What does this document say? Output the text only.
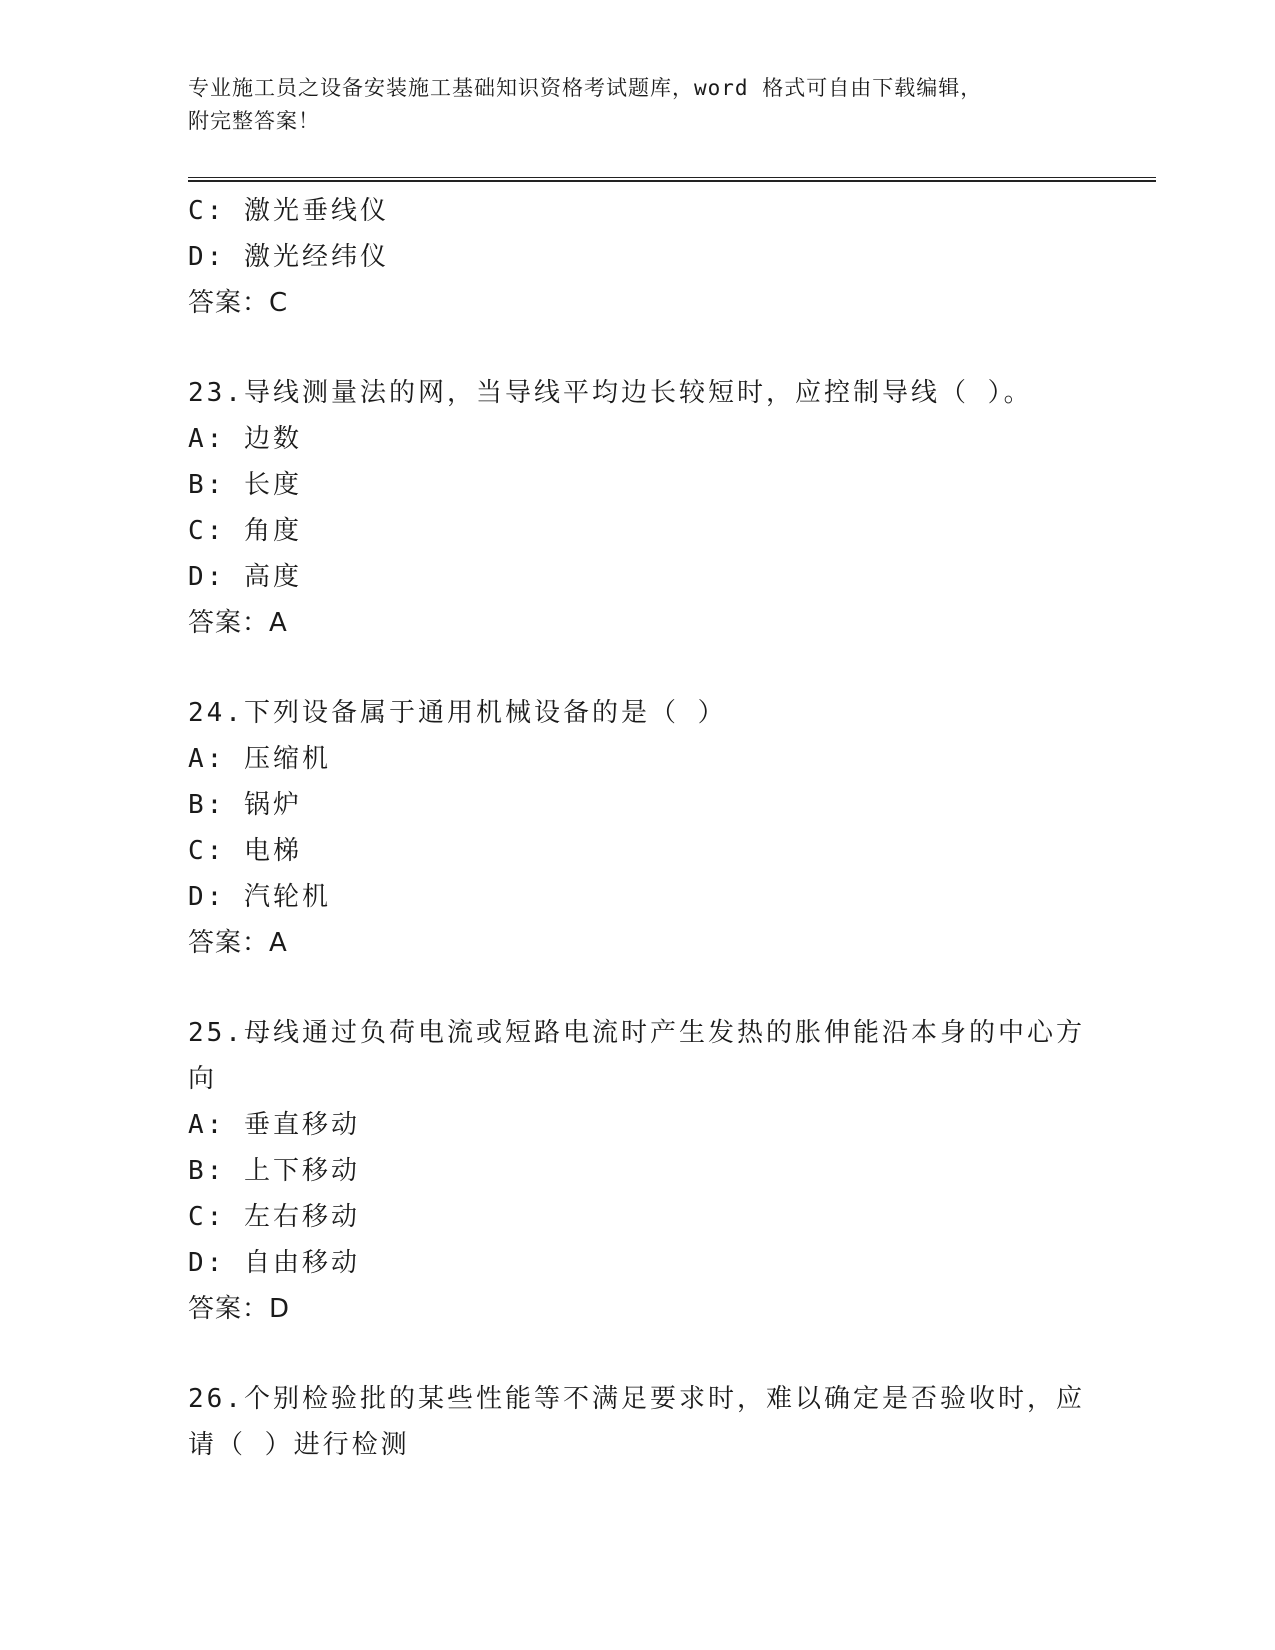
专业施工员之设备安装施工基础知识资格考试题库，word 格式可自由下载编辑，
附完整答案！
C: 激光垂线仪
D: 激光经纬仪
答案：C
23.导线测量法的网，当导线平均边长较短时，应控制导线（ ）。
A: 边数
B: 长度
C: 角度
D: 高度
答案：A
24.下列设备属于通用机械设备的是（ ）
A: 压缩机
B: 锅炉
C: 电梯
D: 汽轮机
答案：A
25.母线通过负荷电流或短路电流时产生发热的胀伸能沿本身的中心方向
A: 垂直移动
B: 上下移动
C: 左右移动
D: 自由移动
答案：D
26.个别检验批的某些性能等不满足要求时，难以确定是否验收时，应请（ ）进行检测
